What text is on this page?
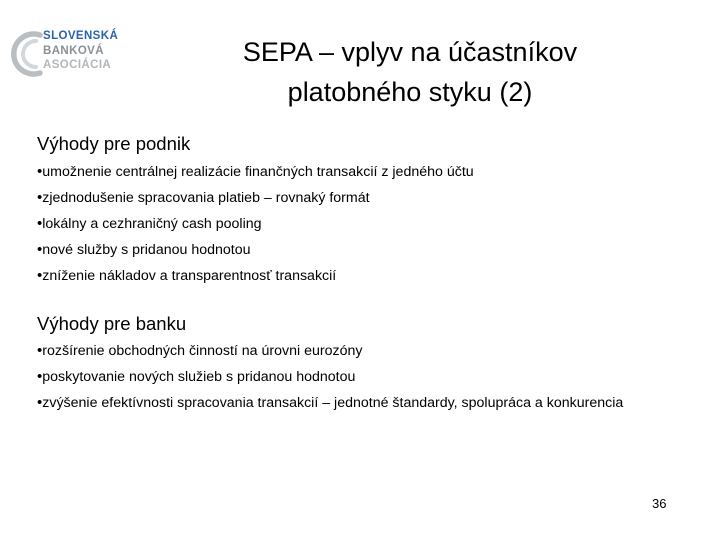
SLOVENSKÁ
BANKOVÁ
ASOCIÁCIA	SEPA – vplyv na účastníkov
platobného styku (2)
Výhody pre podnik
•umožnenie centrálnej realizácie finančných transakcií z jedného účtu
•zjednodušenie spracovania platieb – rovnaký formát
•lokálny a cezhraničný cash pooling
•nové služby s pridanou hodnotou
•zníženie nákladov a transparentnosť transakcií
Výhody pre banku
•rozšírenie obchodných činností na úrovni eurozóny
•poskytovanie nových služieb s pridanou hodnotou
•zvýšenie efektívnosti spracovania transakcií – jednotné štandardy, spolupráca a konkurencia
36
